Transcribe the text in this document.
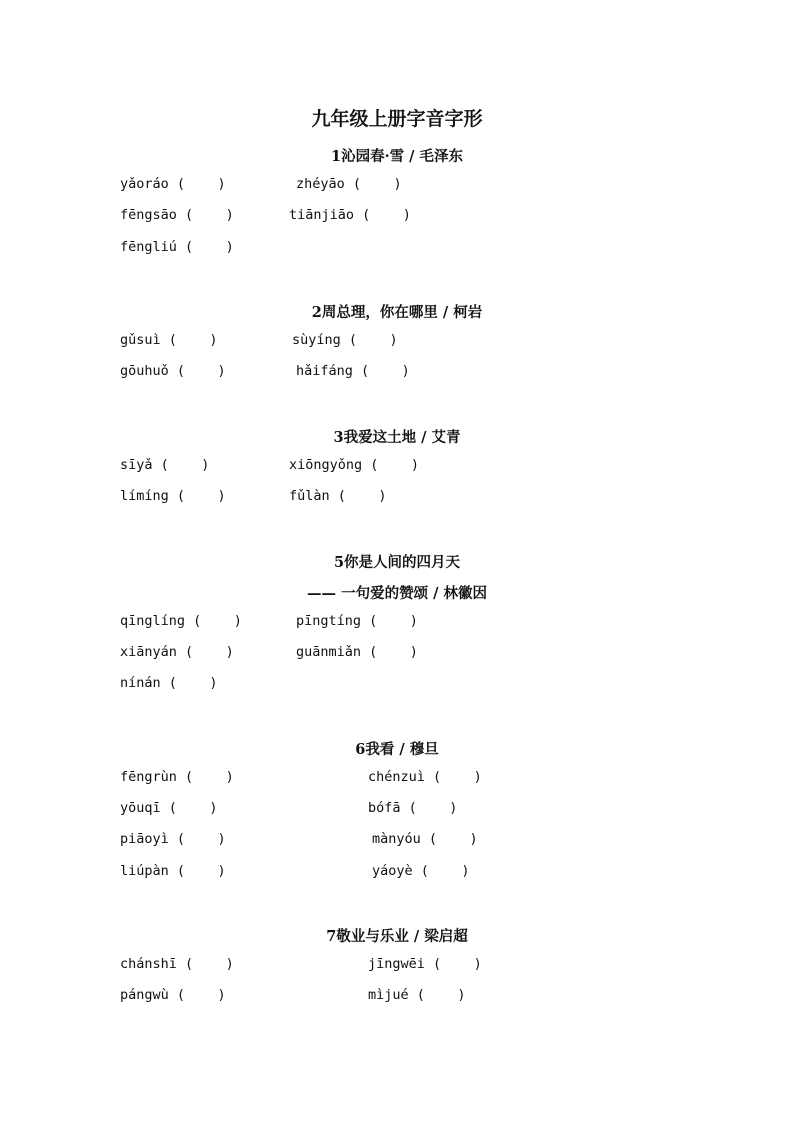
九年级上册字音字形
1沁园春·雪 / 毛泽东
yǎoráo (    )	zhéyāo (    )
fēngsāo (    )	tiānjiāo (    )
fēngliú (    )
2周总理，你在哪里 / 柯岩
gǔsuì (    )	sùyíng (    )
gōuhuǒ (    )	hǎifáng (    )
3我爱这土地 / 艾青
sīyǎ (    )	xiōngyǒng (    )
límíng (    )	fǔlàn (    )
5你是人间的四月天
—— 一句爱的赞颂 / 林徽因
qīnglíng (    )	pīngtíng (    )
xiānyán (    )	guānmiǎn (    )
nínán (    )
6我看 / 穆旦
fēngrùn (    )	chénzuì (    )
yōuqī (    )	bófā (    )
piāoyì (    )	mànyóu (    )
liúpàn (    )	yáoyè (    )
7敬业与乐业 / 梁启超
chánshī (    )	jīngwēi (    )
pángwù (    )	mìjué (    )
